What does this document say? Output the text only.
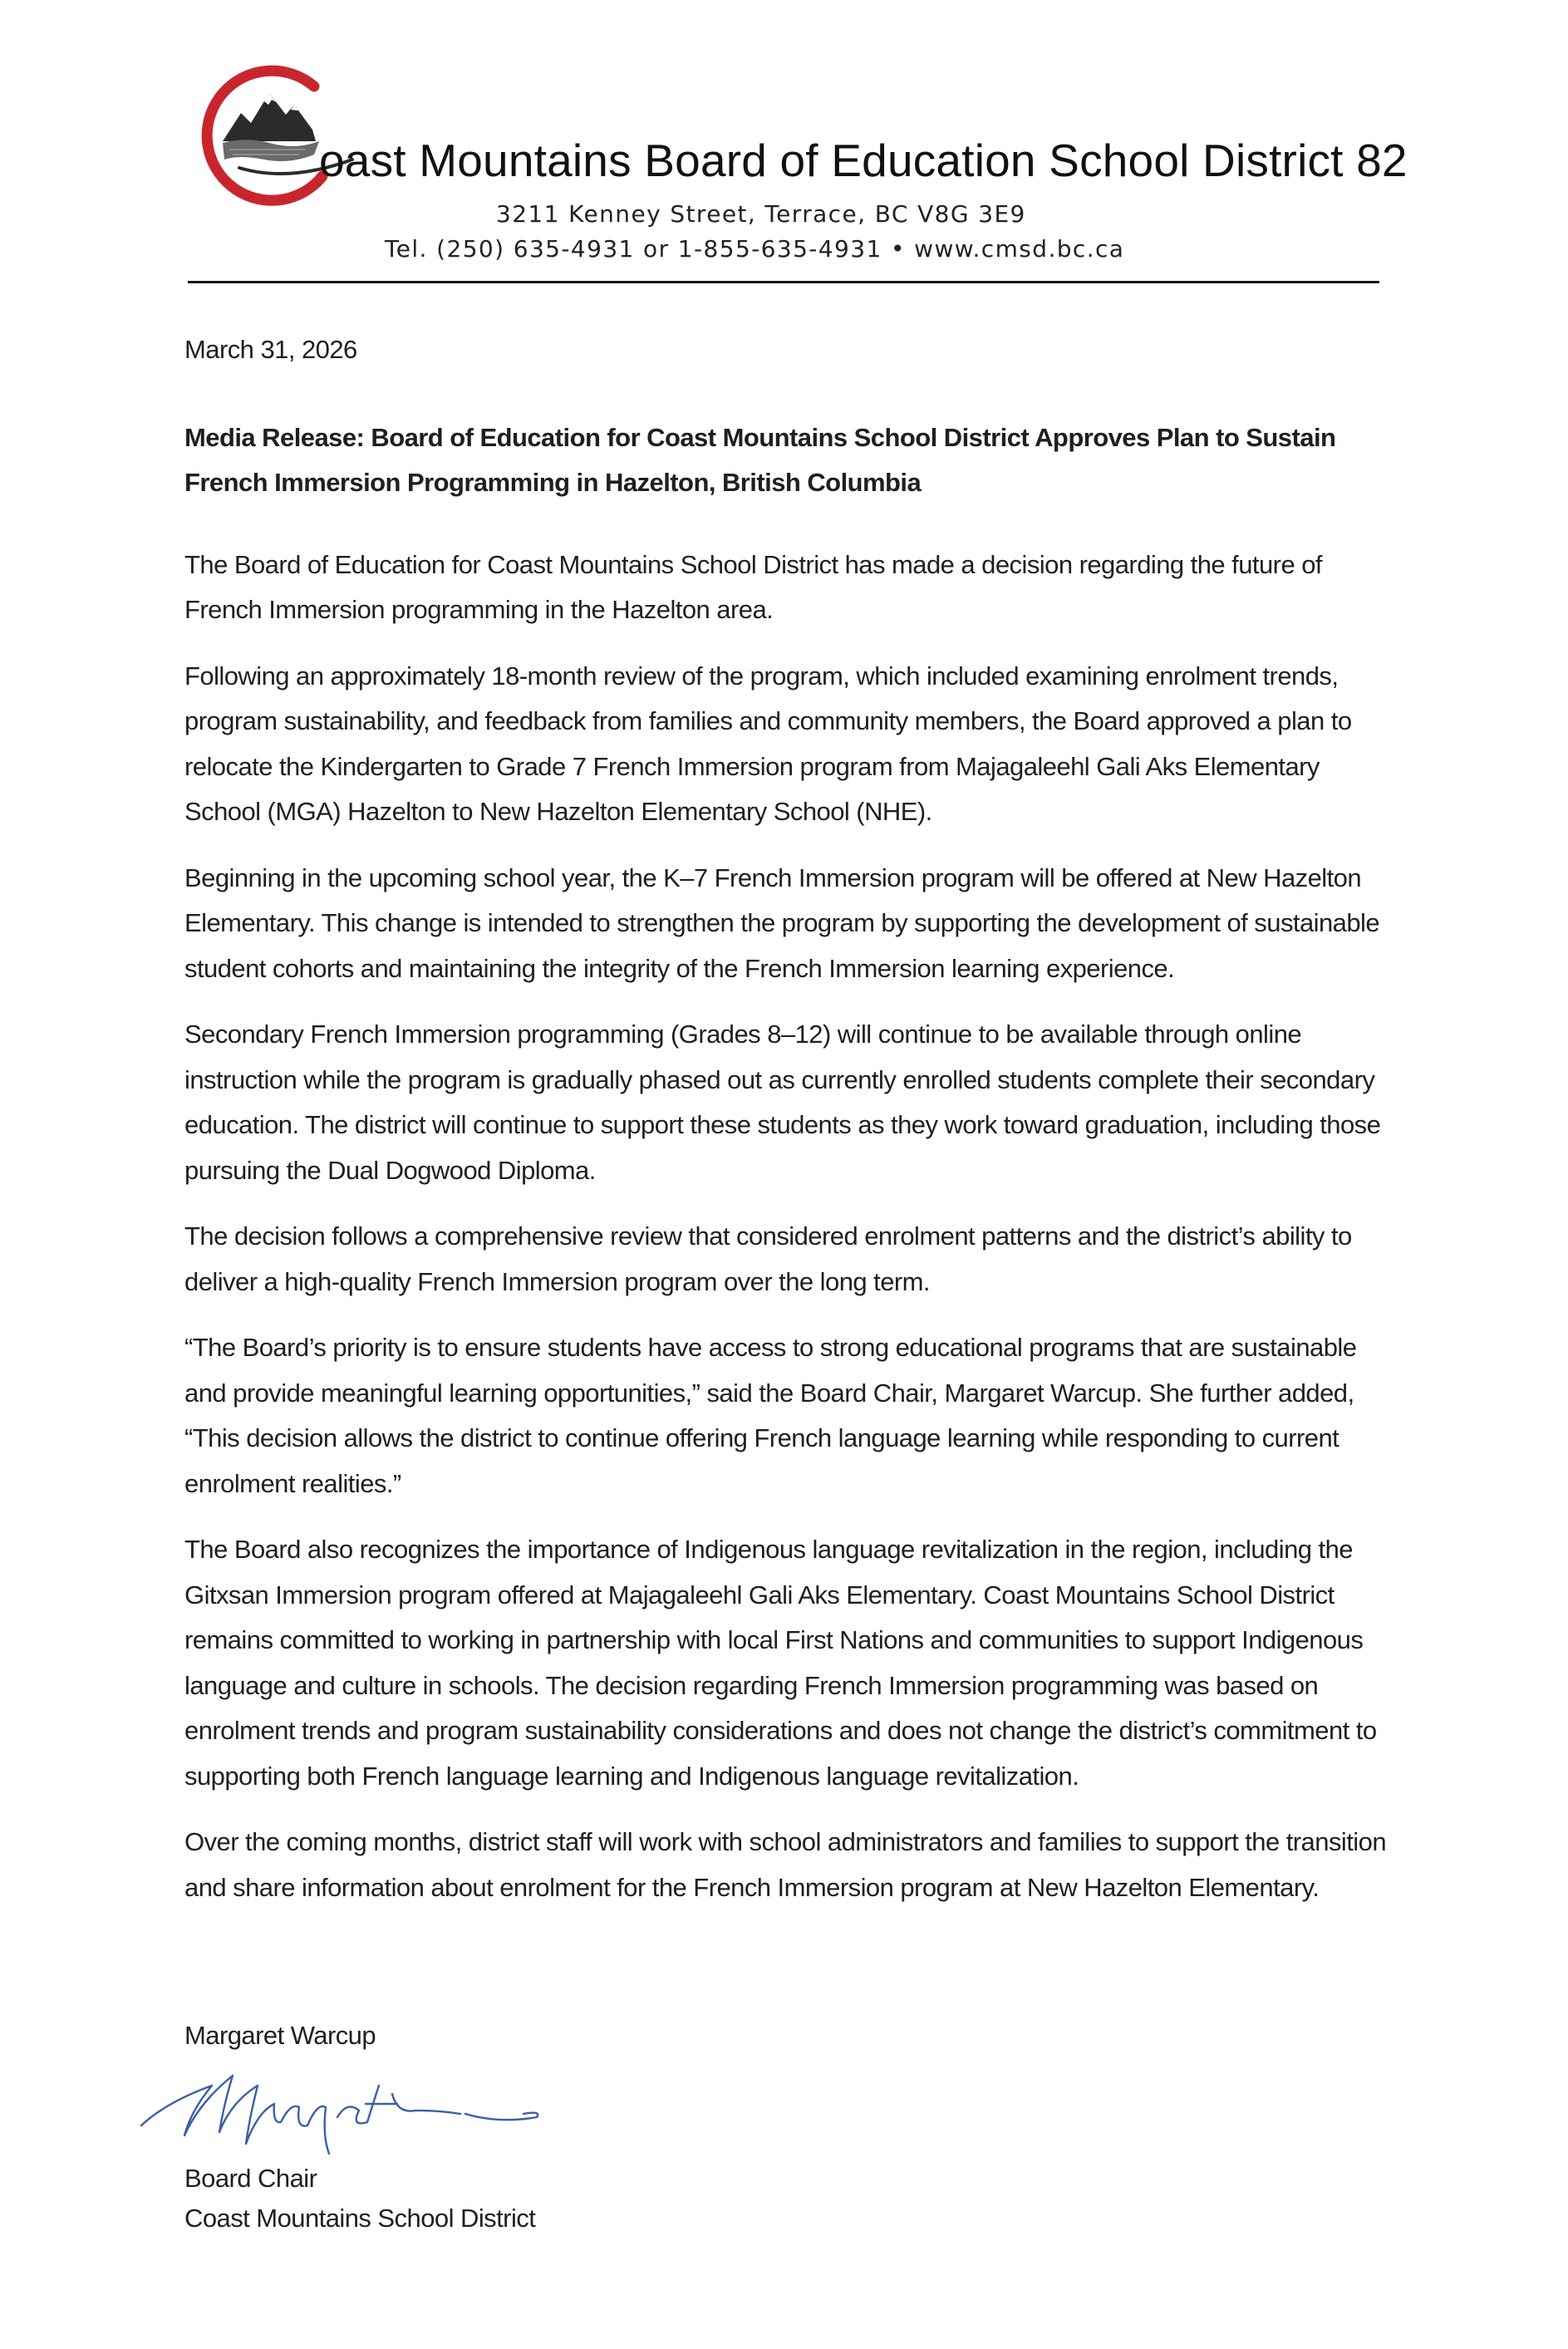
oast Mountains Board of Education School District 82
3211 Kenney Street, Terrace, BC V8G 3E9
Tel. (250) 635-4931 or 1-855-635-4931 • www.cmsd.bc.ca

March 31, 2026

Media Release: Board of Education for Coast Mountains School District Approves Plan to Sustain French Immersion Programming in Hazelton, British Columbia

The Board of Education for Coast Mountains School District has made a decision regarding the future of French Immersion programming in the Hazelton area.

Following an approximately 18-month review of the program, which included examining enrolment trends, program sustainability, and feedback from families and community members, the Board approved a plan to relocate the Kindergarten to Grade 7 French Immersion program from Majagaleehl Gali Aks Elementary School (MGA) Hazelton to New Hazelton Elementary School (NHE).

Beginning in the upcoming school year, the K–7 French Immersion program will be offered at New Hazelton Elementary. This change is intended to strengthen the program by supporting the development of sustainable student cohorts and maintaining the integrity of the French Immersion learning experience.

Secondary French Immersion programming (Grades 8–12) will continue to be available through online instruction while the program is gradually phased out as currently enrolled students complete their secondary education. The district will continue to support these students as they work toward graduation, including those pursuing the Dual Dogwood Diploma.

The decision follows a comprehensive review that considered enrolment patterns and the district’s ability to deliver a high-quality French Immersion program over the long term.

“The Board’s priority is to ensure students have access to strong educational programs that are sustainable and provide meaningful learning opportunities,” said the Board Chair, Margaret Warcup. She further added, “This decision allows the district to continue offering French language learning while responding to current enrolment realities.”

The Board also recognizes the importance of Indigenous language revitalization in the region, including the Gitxsan Immersion program offered at Majagaleehl Gali Aks Elementary. Coast Mountains School District remains committed to working in partnership with local First Nations and communities to support Indigenous language and culture in schools. The decision regarding French Immersion programming was based on enrolment trends and program sustainability considerations and does not change the district’s commitment to supporting both French language learning and Indigenous language revitalization.

Over the coming months, district staff will work with school administrators and families to support the transition and share information about enrolment for the French Immersion program at New Hazelton Elementary.

Margaret Warcup
Board Chair
Coast Mountains School District
